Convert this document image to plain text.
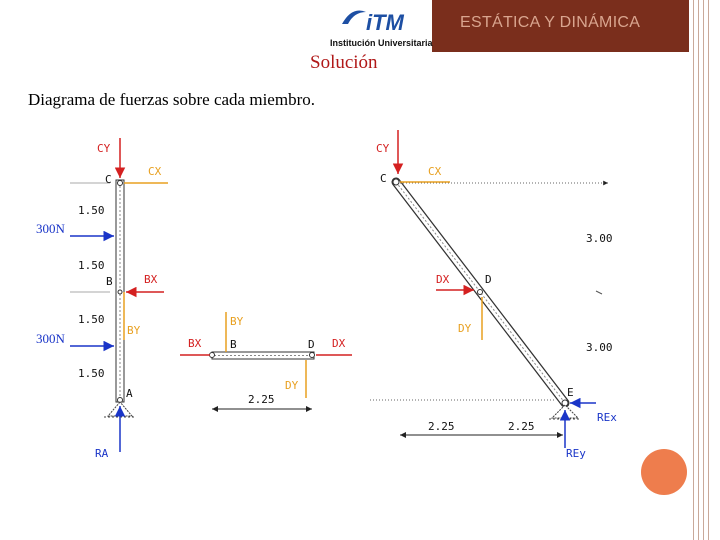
ESTÁTICA Y DINÁMICA
iTM
Institución Universitaria
Solución
Diagrama de fuerzas sobre cada miembro.
1.50
1.50
1.50
1.50
C
B
A
CY
CX
300N
BX
BY
300N
RA
B	D
BY
BX	DX
DY
2.25
C
D
E
3.00
3.00
2.25	2.25
CY
CX
DX
DY
REx
REy
